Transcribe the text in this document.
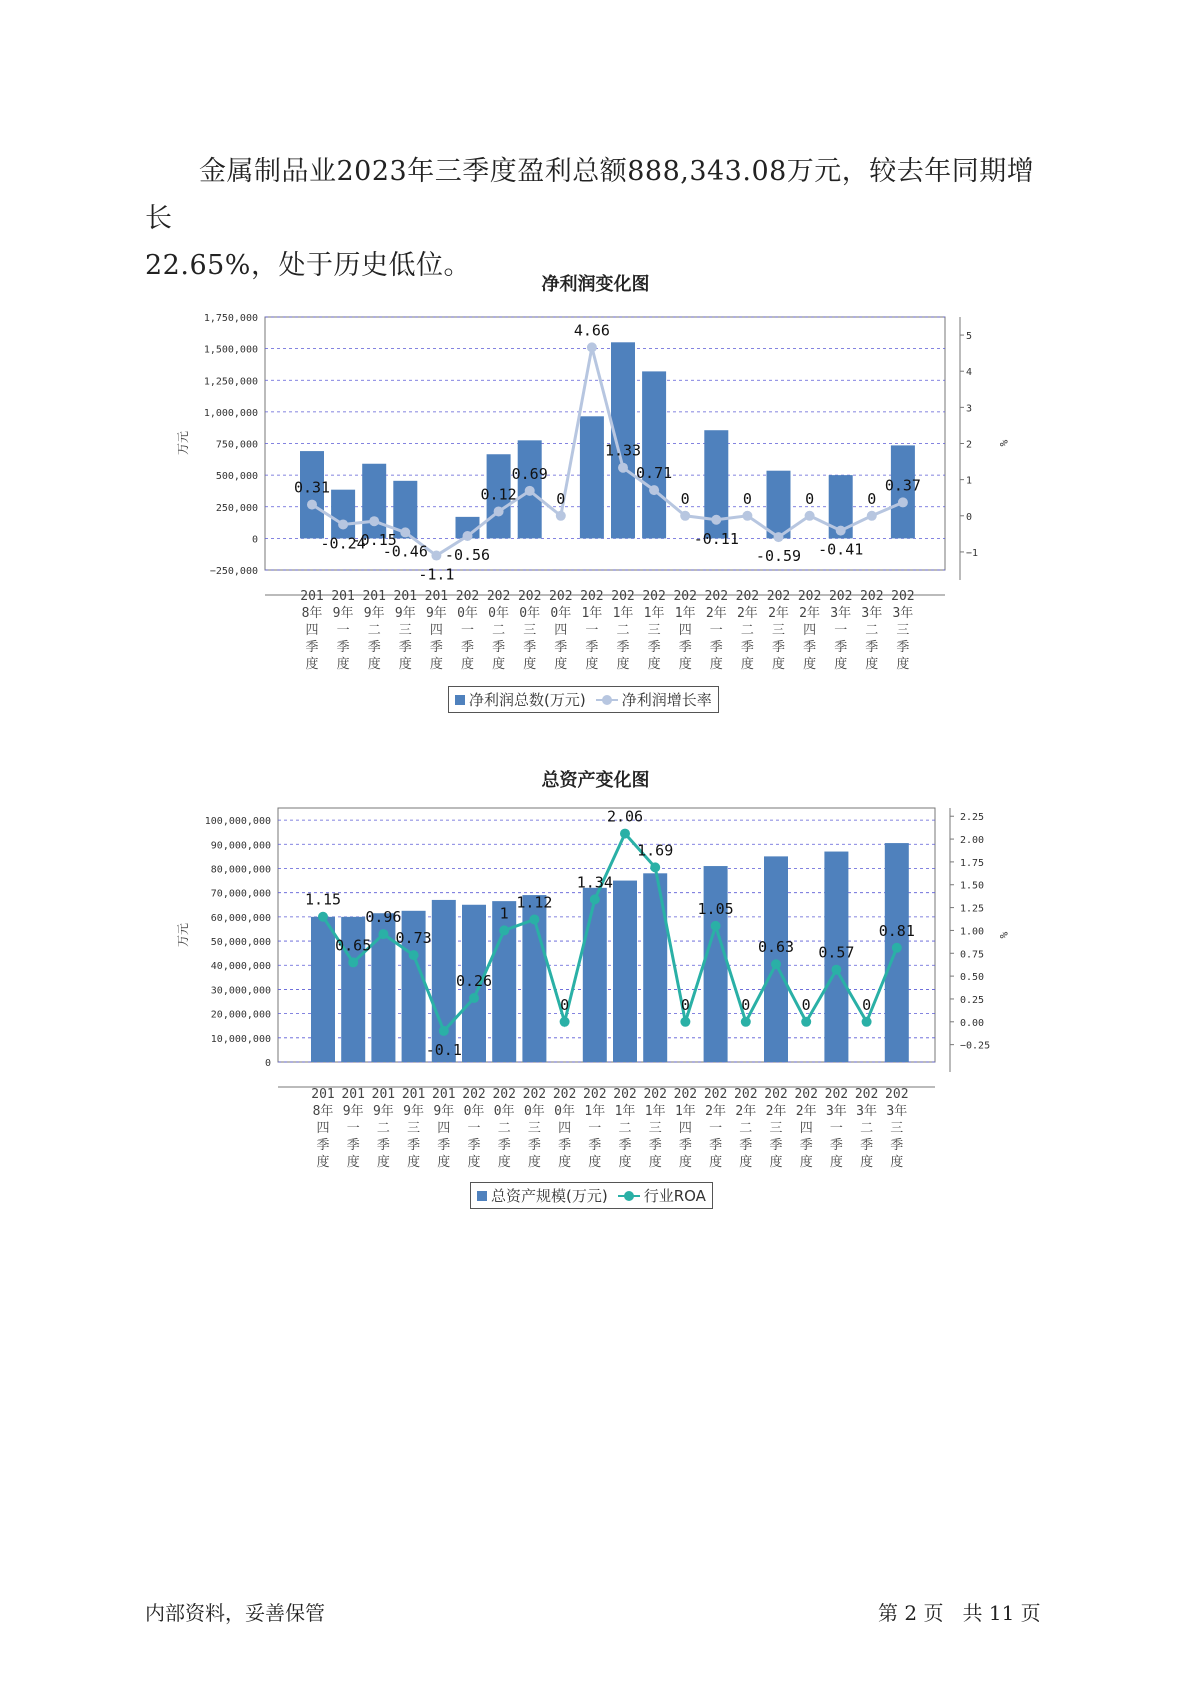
金属制品业2023年三季度盈利总额888,343.08万元，较去年同期增长
22.65%，处于历史低位。
净利润变化图
−250,000
0
250,000
500,000
750,000
1,000,000
1,250,000
1,500,000
1,750,000
−1
0
1
2
3
4
5
万元	%
0.31
-0.24
-0.15
-0.46
-1.1
-0.56
0.12
0.69
0
4.66
1.33
0.71
0
-0.11
0
-0.59
0
-0.41
0
0.37
201
8年
四
季
度
201
9年
一
季
度
201
9年
二
季
度
201
9年
三
季
度
201
9年
四
季
度
202
0年
一
季
度
202
0年
二
季
度
202
0年
三
季
度
202
0年
四
季
度
202
1年
一
季
度
202
1年
二
季
度
202
1年
三
季
度
202
1年
四
季
度
202
2年
一
季
度
202
2年
二
季
度
202
2年
三
季
度
202
2年
四
季
度
202
3年
一
季
度
202
3年
二
季
度
202
3年
三
季
度
净利润总数(万元) 净利润增长率
总资产变化图
0
10,000,000
20,000,000
30,000,000
40,000,000
50,000,000
60,000,000
70,000,000
80,000,000
90,000,000
100,000,000
−0.25
0.00
0.25
0.50
0.75
1.00
1.25
1.50
1.75
2.00
2.25
万元	%
1.15
0.65
0.96
0.73
-0.1
0.26
1
1.12
0
1.34
2.06
1.69
0
1.05
0
0.63
0
0.57
0
0.81
201
8年
四
季
度
201
9年
一
季
度
201
9年
二
季
度
201
9年
三
季
度
201
9年
四
季
度
202
0年
一
季
度
202
0年
二
季
度
202
0年
三
季
度
202
0年
四
季
度
202
1年
一
季
度
202
1年
二
季
度
202
1年
三
季
度
202
1年
四
季
度
202
2年
一
季
度
202
2年
二
季
度
202
2年
三
季
度
202
2年
四
季
度
202
3年
一
季
度
202
3年
二
季
度
202
3年
三
季
度
总资产规模(万元) 行业ROA
内部资料，妥善保管	第 2 页   共 11 页
